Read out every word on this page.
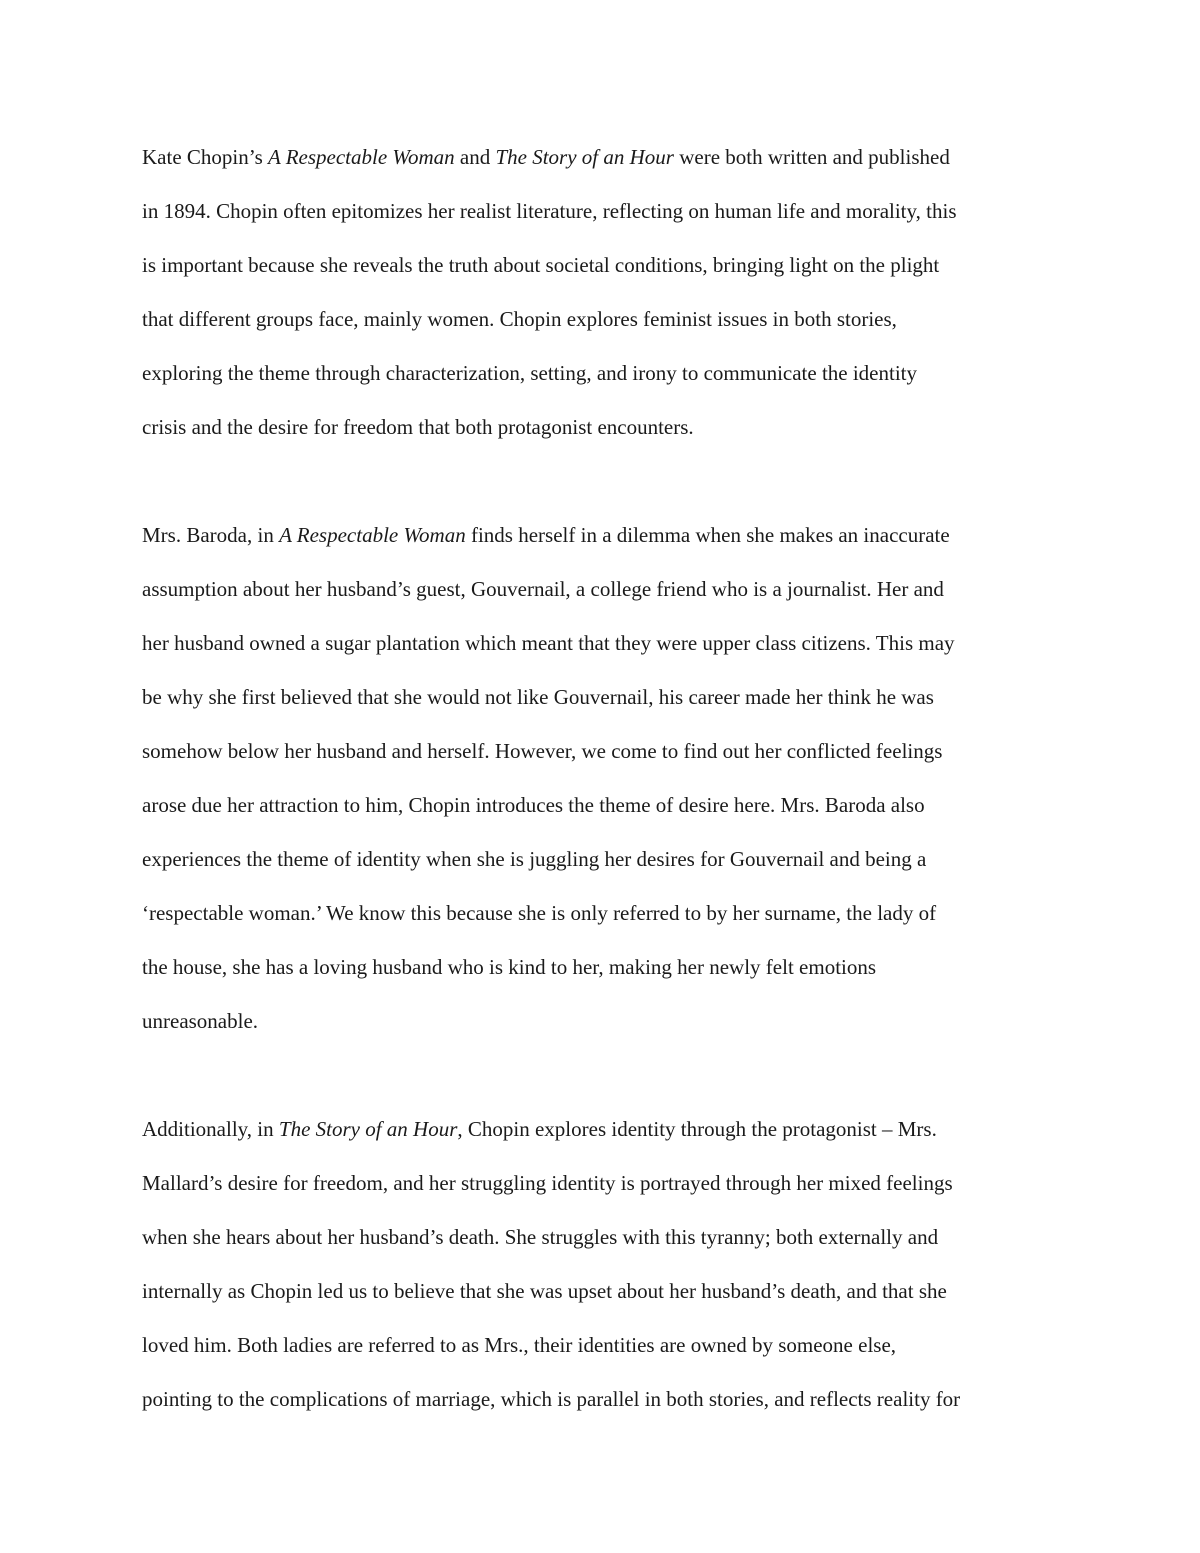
Kate Chopin’s A Respectable Woman and The Story of an Hour were both written and published
in 1894. Chopin often epitomizes her realist literature, reflecting on human life and morality, this
is important because she reveals the truth about societal conditions, bringing light on the plight
that different groups face, mainly women. Chopin explores feminist issues in both stories,
exploring the theme through characterization, setting, and irony to communicate the identity
crisis and the desire for freedom that both protagonist encounters.
Mrs. Baroda, in A Respectable Woman finds herself in a dilemma when she makes an inaccurate
assumption about her husband’s guest, Gouvernail, a college friend who is a journalist. Her and
her husband owned a sugar plantation which meant that they were upper class citizens. This may
be why she first believed that she would not like Gouvernail, his career made her think he was
somehow below her husband and herself. However, we come to find out her conflicted feelings
arose due her attraction to him, Chopin introduces the theme of desire here. Mrs. Baroda also
experiences the theme of identity when she is juggling her desires for Gouvernail and being a
‘respectable woman.’ We know this because she is only referred to by her surname, the lady of
the house, she has a loving husband who is kind to her, making her newly felt emotions
unreasonable.
Additionally, in The Story of an Hour, Chopin explores identity through the protagonist – Mrs.
Mallard’s desire for freedom, and her struggling identity is portrayed through her mixed feelings
when she hears about her husband’s death. She struggles with this tyranny; both externally and
internally as Chopin led us to believe that she was upset about her husband’s death, and that she
loved him. Both ladies are referred to as Mrs., their identities are owned by someone else,
pointing to the complications of marriage, which is parallel in both stories, and reflects reality for
